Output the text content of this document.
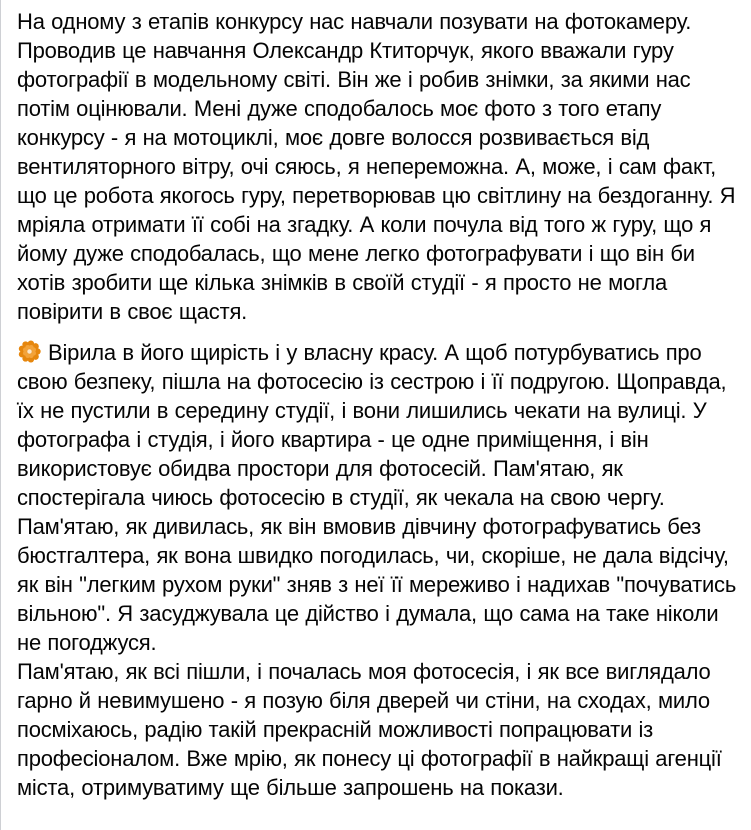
На одному з етапів конкурсу нас навчали позувати на фотокамеру. Проводив це навчання Олександр Ктиторчук, якого вважали гуру фотографії в модельному світі. Він же і робив знімки, за якими нас потім оцінювали. Мені дуже сподобалось моє фото з того етапу конкурсу - я на мотоциклі, моє довге волосся розвивається від вентиляторного вітру, очі сяюсь, я непереможна. А, може, і сам факт, що це робота якогось гуру, перетворював цю світлину на бездоганну. Я мріяла отримати її собі на згадку. А коли почула від того ж гуру, що я йому дуже сподобалась, що мене легко фотографувати і що він би хотів зробити ще кілька знімків в своїй студії - я просто не могла повірити в своє щастя.

Вірила в його щирість і у власну красу. А щоб потурбуватись про свою безпеку, пішла на фотосесію із сестрою і її подругою. Щоправда, їх не пустили в середину студії, і вони лишились чекати на вулиці. У фотографа і студія, і його квартира - це одне приміщення, і він використовує обидва простори для фотосесій. Пам'ятаю, як спостерігала чиюсь фотосесію в студії, як чекала на свою чергу. Пам'ятаю, як дивилась, як він вмовив дівчину фотографуватись без бюстгалтера, як вона швидко погодилась, чи, скоріше, не дала відсічу, як він "легким рухом руки" зняв з неї її мереживо і надихав "почуватись вільною". Я засуджувала це дійство і думала, що сама на таке ніколи не погоджуся.
Пам'ятаю, як всі пішли, і почалась моя фотосесія, і як все виглядало гарно й невимушено - я позую біля дверей чи стіни, на сходах, мило посміхаюсь, радію такій прекрасній можливості попрацювати із професіоналом. Вже мрію, як понесу ці фотографії в найкращі агенції міста, отримуватиму ще більше запрошень на покази.
